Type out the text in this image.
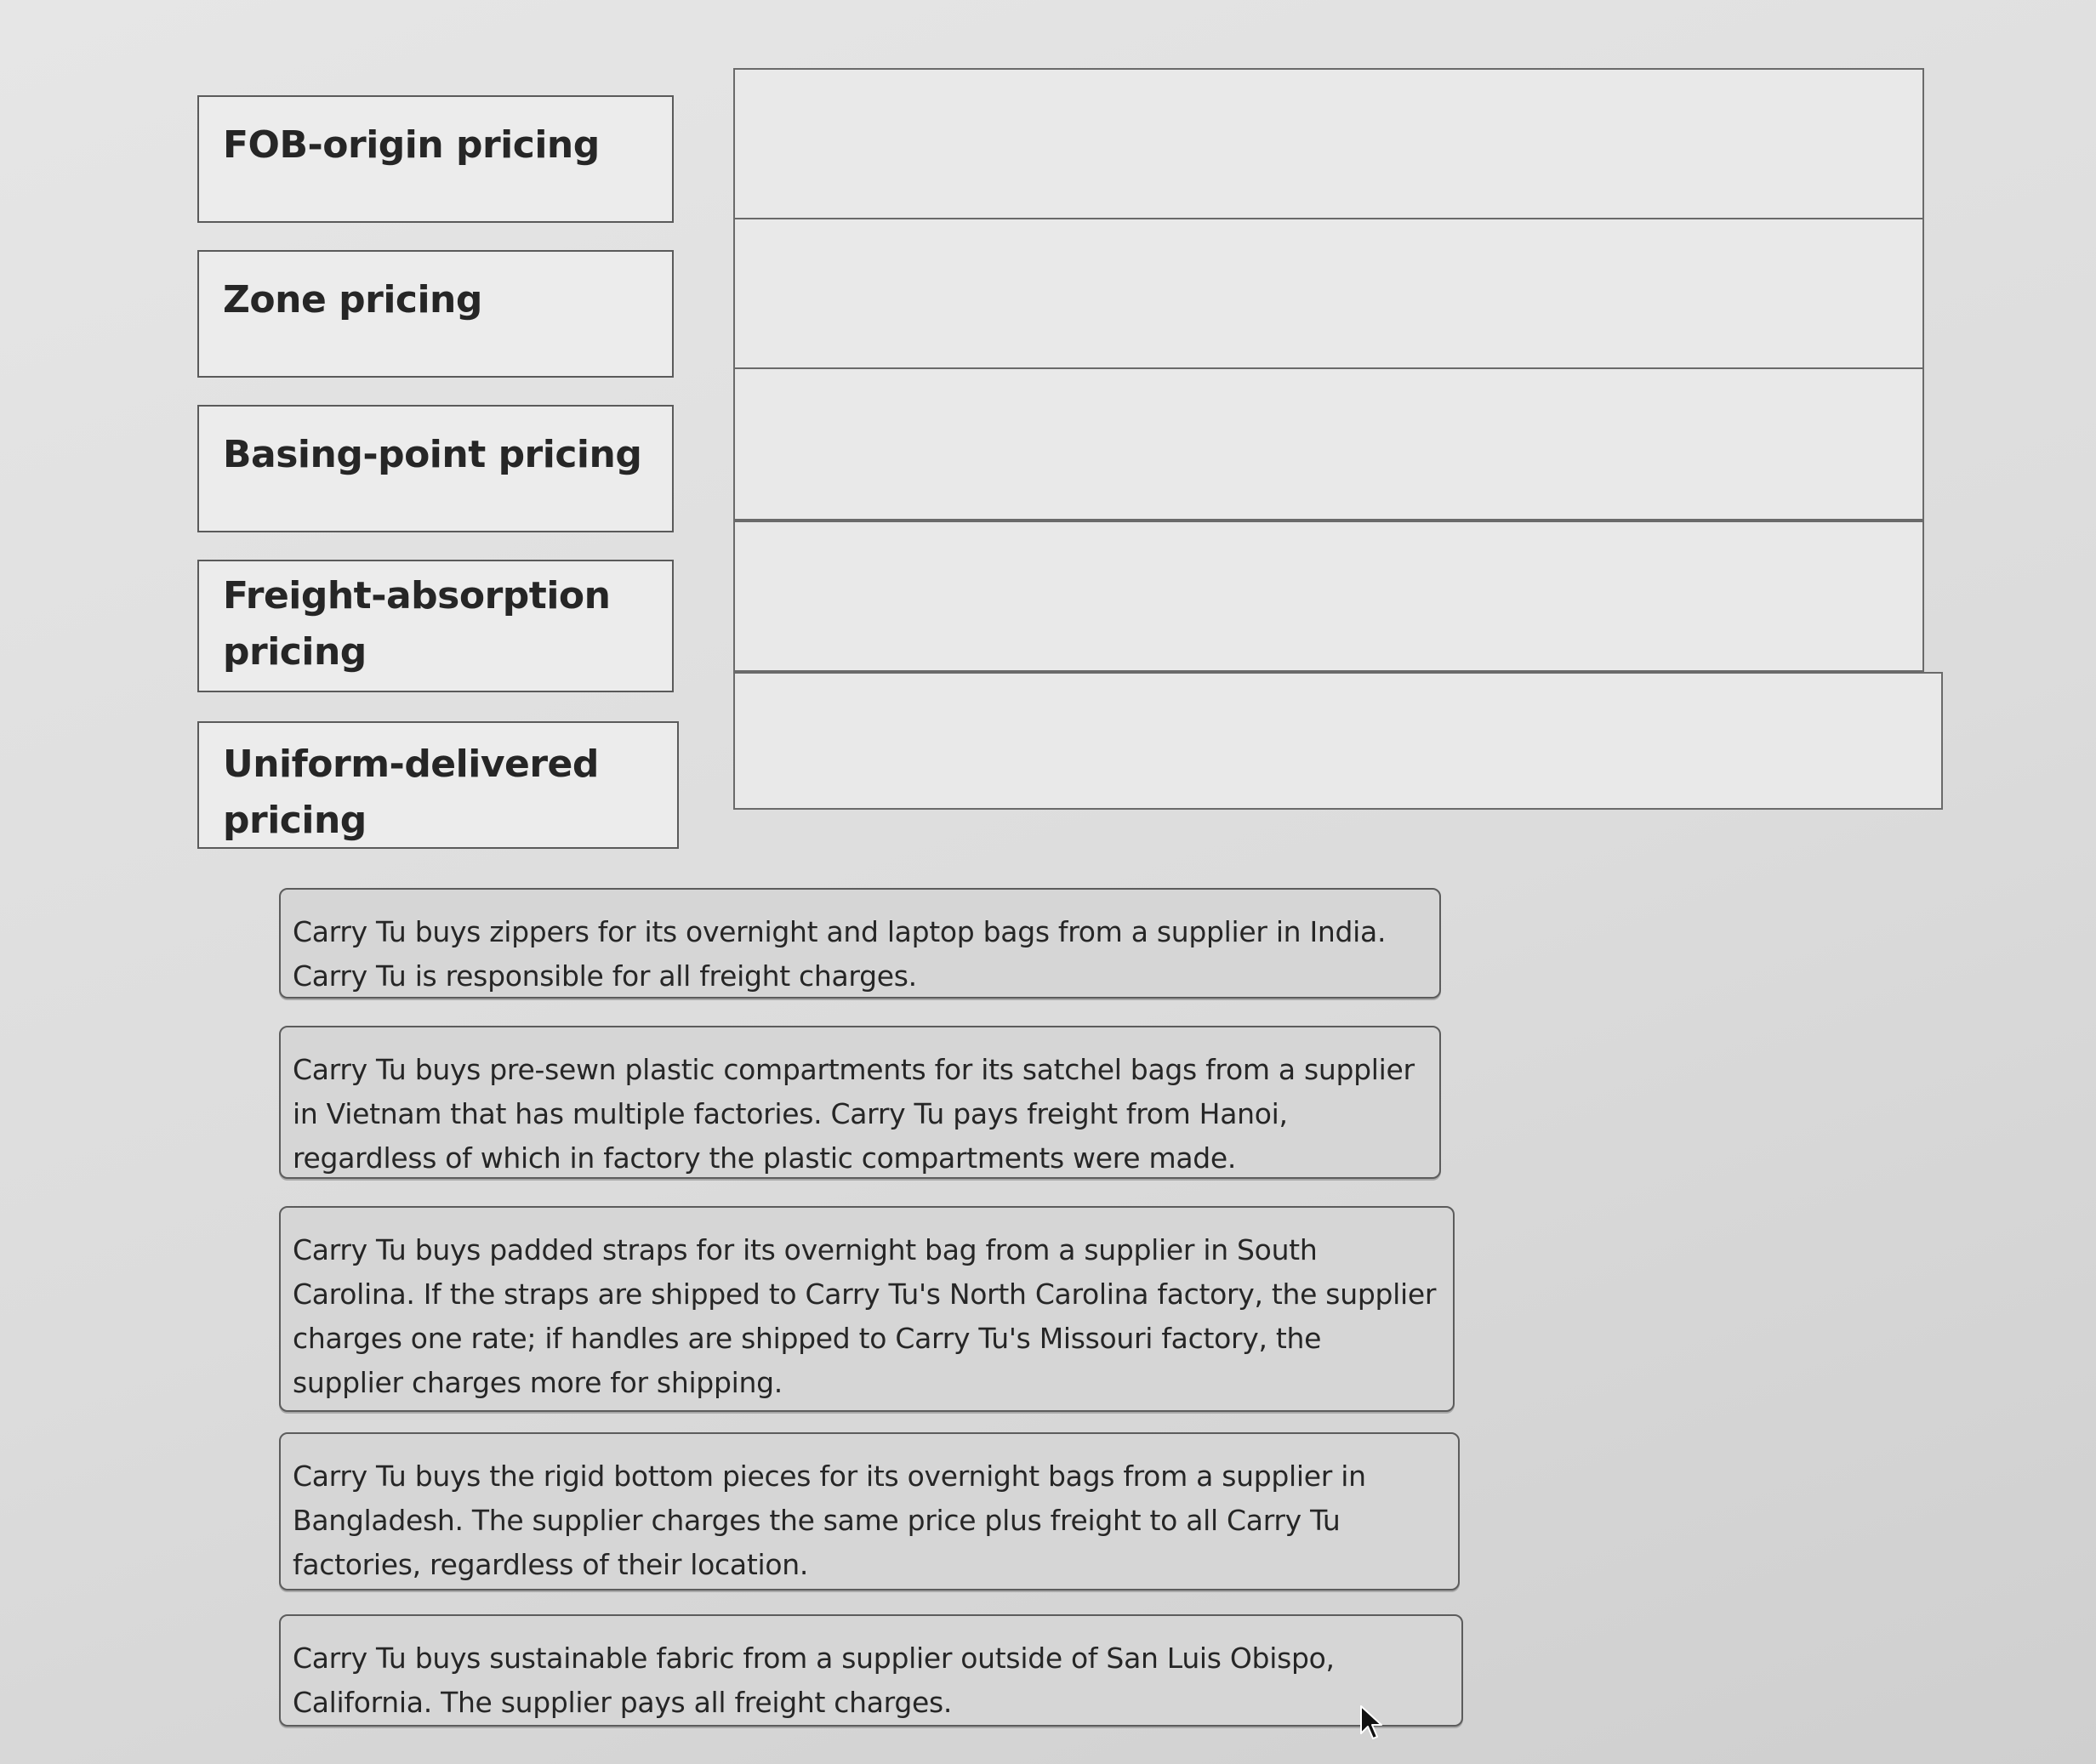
FOB-origin pricing
Zone pricing
Basing-point pricing
Freight-absorption pricing
Uniform-delivered pricing
Carry Tu buys zippers for its overnight and laptop bags from a supplier in India. Carry Tu is responsible for all freight charges.
Carry Tu buys pre-sewn plastic compartments for its satchel bags from a supplier in Vietnam that has multiple factories. Carry Tu pays freight from Hanoi, regardless of which in factory the plastic compartments were made.
Carry Tu buys padded straps for its overnight bag from a supplier in South Carolina. If the straps are shipped to Carry Tu's North Carolina factory, the supplier charges one rate; if handles are shipped to Carry Tu's Missouri factory, the supplier charges more for shipping.
Carry Tu buys the rigid bottom pieces for its overnight bags from a supplier in Bangladesh. The supplier charges the same price plus freight to all Carry Tu factories, regardless of their location.
Carry Tu buys sustainable fabric from a supplier outside of San Luis Obispo, California. The supplier pays all freight charges.
